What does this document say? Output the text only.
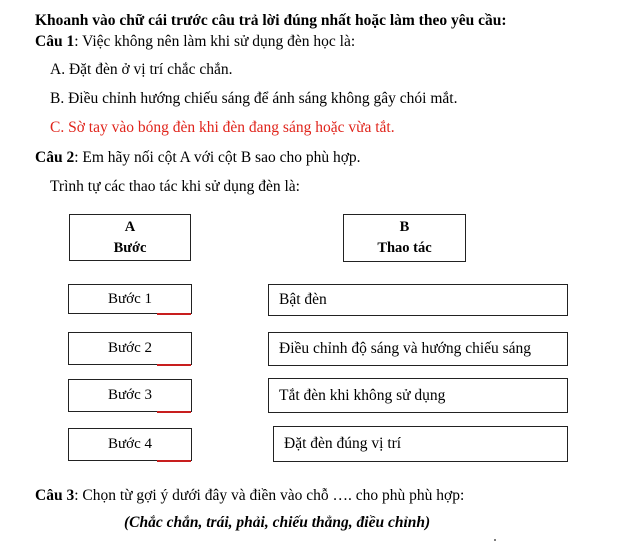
Khoanh vào chữ cái trước câu trả lời đúng nhất hoặc làm theo yêu cầu:
Câu 1: Việc không nên làm khi sử dụng đèn học là:
A. Đặt đèn ở vị trí chắc chắn.
B. Điều chỉnh hướng chiếu sáng để ánh sáng không gây chói mắt.
C. Sờ tay vào bóng đèn khi đèn đang sáng hoặc vừa tắt.
Câu 2: Em hãy nối cột A với cột B sao cho phù hợp.
Trình tự các thao tác khi sử dụng đèn là:
A
Bước
B
Thao tác
Bước 1
Bước 2
Bước 3
Bước 4
Bật đèn
Điều chỉnh độ sáng và hướng chiếu sáng
Tắt đèn khi không sử dụng
Đặt đèn đúng vị trí
Câu 3: Chọn từ gợi ý dưới đây và điền vào chỗ …. cho phù phù hợp:
(Chắc chắn, trái, phải, chiếu thẳng, điều chỉnh)
